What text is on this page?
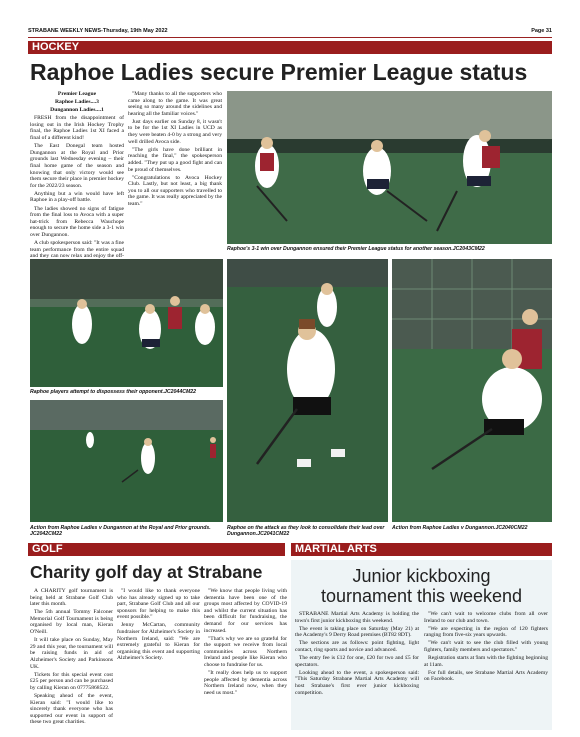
STRABANE WEEKLY NEWS-Thursday, 19th May 2022	Page 31
HOCKEY
Raphoe Ladies secure Premier League status

Premier League

Raphoe Ladies....3

Dungannon Ladies....1

FRESH from the disappointment of losing out in the Irish Hockey Trophy final, the Raphoe Ladies 1st XI faced a final of a different kind!

The East Donegal team hosted Dungannon at the Royal and Prior grounds last Wednesday evening – their final home game of the season and knowing that only victory would see them secure their place in premier hockey for the 2022/23 season.

Anything but a win would have left Raphoe in a play-off battle.

The ladies showed no signs of fatigue from the final loss to Avoca with a super hat-trick from Rebecca Wauchope enough to secure the home side a 3-1 win over Dungannon.

A club spokesperson said: "It was a fine team performance from the entire squad and they can now relax and enjoy the off-

"Many thanks to all the supporters who came along to the game. It was great seeing so many around the sidelines and hearing all the familiar voices."

Just days earlier on Sunday 8, it wasn't to be for the 1st XI Ladies in UCD as they were beaten 4-0 by a strong and very well drilled Avoca side.

"The girls have done brilliant in reaching the final," the spokesperson added. "They put up a good fight and can be proud of themselves.

"Congratulations to Avoca Hockey Club. Lastly, but not least, a big thank you to all our supporters who travelled to the game. It was really appreciated by the team."

Raphoe's 3-1 win over Dungannon ensured their Premier League status for another season.JC2043CM22
Raphoe players attempt to dispossess their opponent.JC2044CM22
Action from Raphoe Ladies v Dungannon at the Royal and Prior grounds. JC2042CM22
Raphoe on the attack as they look to consolidate their lead over Dungannon.JC2041CM22
Action from Raphoe Ladies v Dungannon.JC2040CM22
GOLF
Charity golf day at Strabane

A CHARITY golf tournament is being held at Strabane Golf Club later this month.

The 5th annual Tommy Falconer Memorial Golf Tournament is being organised by local man, Kieran O'Neill.

It will take place on Sunday, May 29 and this year, the tournament will be raising funds in aid of Alzheimer's Society and Parkinsons UK.

Tickets for this special event cost £25 per person and can be purchased by calling Kieran on 07775868522.

Speaking ahead of the event, Kieran said: "I would like to sincerely thank everyone who has supported our event in support of these two great charities.

"I would like to thank everyone who has already signed up to take part, Strabane Golf Club and all our sponsors for helping to make this event possible."

Jenny McCartan, community fundraiser for Alzheimer's Society in Northern Ireland, said: "We are extremely grateful to Kieran for organising this event and supporting Alzheimer's Society.

"We know that people living with dementia have been one of the groups most affected by COVID-19 and whilst the current situation has been difficult for fundraising, the demand for our services has increased.

"That's why we are so grateful for the support we receive from local communities across Northern Ireland and people like Kieran who choose to fundraise for us.

"It really does help us to support people affected by dementia across Northern Ireland now, when they need us most."

MARTIAL ARTS
Junior kickboxing
tournament this weekend

STRABANE Martial Arts Academy is holding the town's first junior kickboxing this weekend.

The event is taking place on Saturday (May 21) at the Academy's 9 Derry Road premises (BT82 8DT).

The sections are as follows: point fighting, light contact, ring sports and novice and advanced.

The entry fee is £12 for one, £20 for two and £5 for spectators.

Looking ahead to the event, a spokesperson said: "This Saturday Strabane Martial Arts Academy will host Strabane's first ever junior kickboxing competition.

"We can't wait to welcome clubs from all over Ireland to our club and town.

"We are expecting in the region of 120 fighters ranging from five-six years upwards.

"We can't wait to see the club filled with young fighters, family members and spectators."

Registration starts at 9am with the fighting beginning at 11am.

For full details, see Strabane Martial Arts Academy on Facebook.
